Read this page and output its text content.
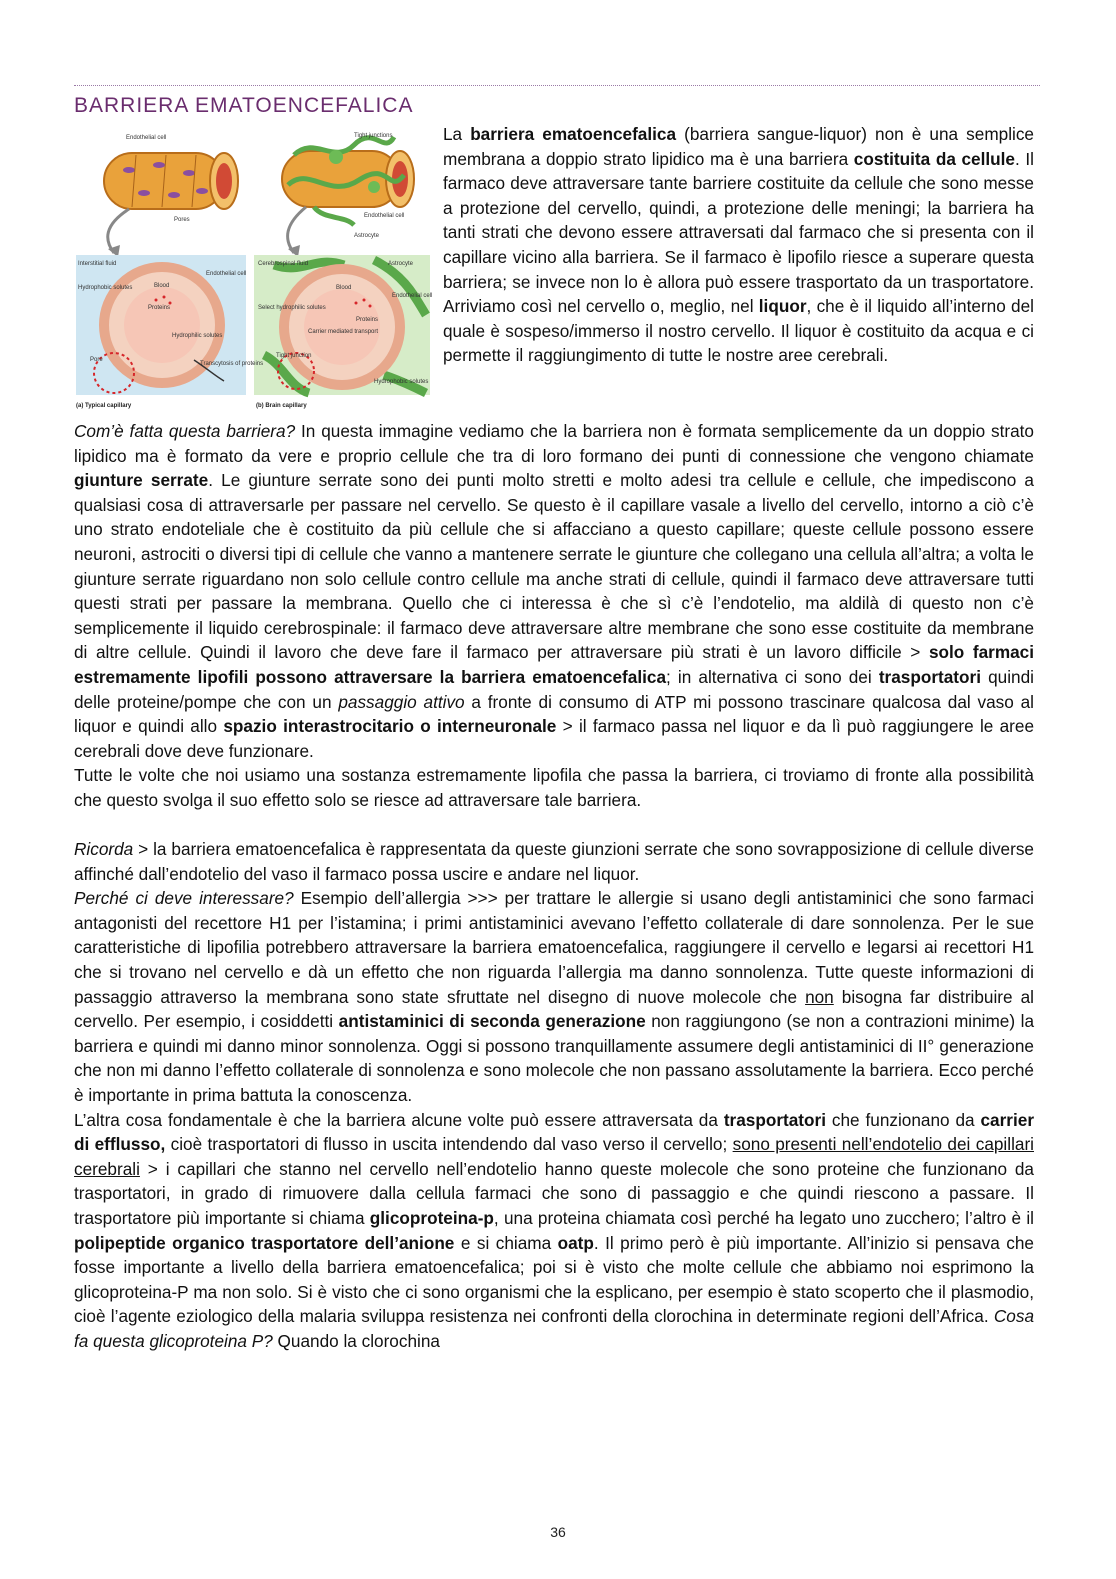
BARRIERA EMATOENCEFALICA
Endothelial cell
Pores
Tight junctions
Endothelial cell
Astrocyte
Interstitial fluid
Hydrophobic solutes	Blood
Proteins
Endothelial cell
Hydrophilic solutes
Pore
Transcytosis of proteins
Cerebrospinal fluid	Astrocyte
Blood
Proteins
Endothelial cell
Select hydrophilic solutes
Carrier mediated transport
Tight junction
Hydrophobic solutes
(a) Typical capillary	(b) Brain capillary

La barriera ematoencefalica (barriera sangue-liquor) non è una semplice membrana a doppio strato lipidico ma è una barriera costituita da cellule. Il farmaco deve attraversare tante barriere costituite da cellule che sono messe a protezione del cervello, quindi, a protezione delle meningi; la barriera ha tanti strati che devono essere attraversati dal farmaco che si presenta con il capillare vicino alla barriera. Se il farmaco è lipofilo riesce a superare questa barriera; se invece non lo è allora può essere trasportato da un trasportatore. Arriviamo così nel cervello o, meglio, nel liquor, che è il liquido all’interno del quale è sospeso/immerso il nostro cervello. Il liquor è costituito da acqua e ci permette il raggiungimento di tutte le nostre aree cerebrali.

Com’è fatta questa barriera? In questa immagine vediamo che la barriera non è formata semplicemente da un doppio strato lipidico ma è formato da vere e proprio cellule che tra di loro formano dei punti di connessione che vengono chiamate giunture serrate. Le giunture serrate sono dei punti molto stretti e molto adesi tra cellule e cellule, che impediscono a qualsiasi cosa di attraversarle per passare nel cervello. Se questo è il capillare vasale a livello del cervello, intorno a ciò c’è uno strato endoteliale che è costituito da più cellule che si affacciano a questo capillare; queste cellule possono essere neuroni, astrociti o diversi tipi di cellule che vanno a mantenere serrate le giunture che collegano una cellula all’altra; a volta le giunture serrate riguardano non solo cellule contro cellule ma anche strati di cellule, quindi il farmaco deve attraversare tutti questi strati per passare la membrana. Quello che ci interessa è che sì c’è l’endotelio, ma aldilà di questo non c’è semplicemente il liquido cerebrospinale: il farmaco deve attraversare altre membrane che sono esse costituite da membrane di altre cellule. Quindi il lavoro che deve fare il farmaco per attraversare più strati è un lavoro difficile > solo farmaci estremamente lipofili possono attraversare la barriera ematoencefalica; in alternativa ci sono dei trasportatori quindi delle proteine/pompe che con un passaggio attivo a fronte di consumo di ATP mi possono trascinare qualcosa dal vaso al liquor e quindi allo spazio interastrocitario o interneuronale > il farmaco passa nel liquor e da lì può raggiungere le aree cerebrali dove deve funzionare.

Tutte le volte che noi usiamo una sostanza estremamente lipofila che passa la barriera, ci troviamo di fronte alla possibilità che questo svolga il suo effetto solo se riesce ad attraversare tale barriera.

Ricorda > la barriera ematoencefalica è rappresentata da queste giunzioni serrate che sono sovrapposizione di cellule diverse affinché dall’endotelio del vaso il farmaco possa uscire e andare nel liquor.

Perché ci deve interessare? Esempio dell’allergia >>> per trattare le allergie si usano degli antistaminici che sono farmaci antagonisti del recettore H1 per l’istamina; i primi antistaminici avevano l’effetto collaterale di dare sonnolenza. Per le sue caratteristiche di lipofilia potrebbero attraversare la barriera ematoencefalica, raggiungere il cervello e legarsi ai recettori H1 che si trovano nel cervello e dà un effetto che non riguarda l’allergia ma danno sonnolenza. Tutte queste informazioni di passaggio attraverso la membrana sono state sfruttate nel disegno di nuove molecole che non bisogna far distribuire al cervello. Per esempio, i cosiddetti antistaminici di seconda generazione non raggiungono (se non a contrazioni minime) la barriera e quindi mi danno minor sonnolenza. Oggi si possono tranquillamente assumere degli antistaminici di II° generazione che non mi danno l’effetto collaterale di sonnolenza e sono molecole che non passano assolutamente la barriera. Ecco perché è importante in prima battuta la conoscenza.

L’altra cosa fondamentale è che la barriera alcune volte può essere attraversata da trasportatori che funzionano da carrier di efflusso, cioè trasportatori di flusso in uscita intendendo dal vaso verso il cervello; sono presenti nell’endotelio dei capillari cerebrali > i capillari che stanno nel cervello nell’endotelio hanno queste molecole che sono proteine che funzionano da trasportatori, in grado di rimuovere dalla cellula farmaci che sono di passaggio e che quindi riescono a passare. Il trasportatore più importante si chiama glicoproteina-p, una proteina chiamata così perché ha legato uno zucchero; l’altro è il polipeptide organico trasportatore dell’anione e si chiama oatp. Il primo però è più importante. All’inizio si pensava che fosse importante a livello della barriera ematoencefalica; poi si è visto che molte cellule che abbiamo noi esprimono la glicoproteina-P ma non solo. Si è visto che ci sono organismi che la esplicano, per esempio è stato scoperto che il plasmodio, cioè l’agente eziologico della malaria sviluppa resistenza nei confronti della clorochina in determinate regioni dell’Africa. Cosa fa questa glicoproteina P? Quando la clorochina

36
